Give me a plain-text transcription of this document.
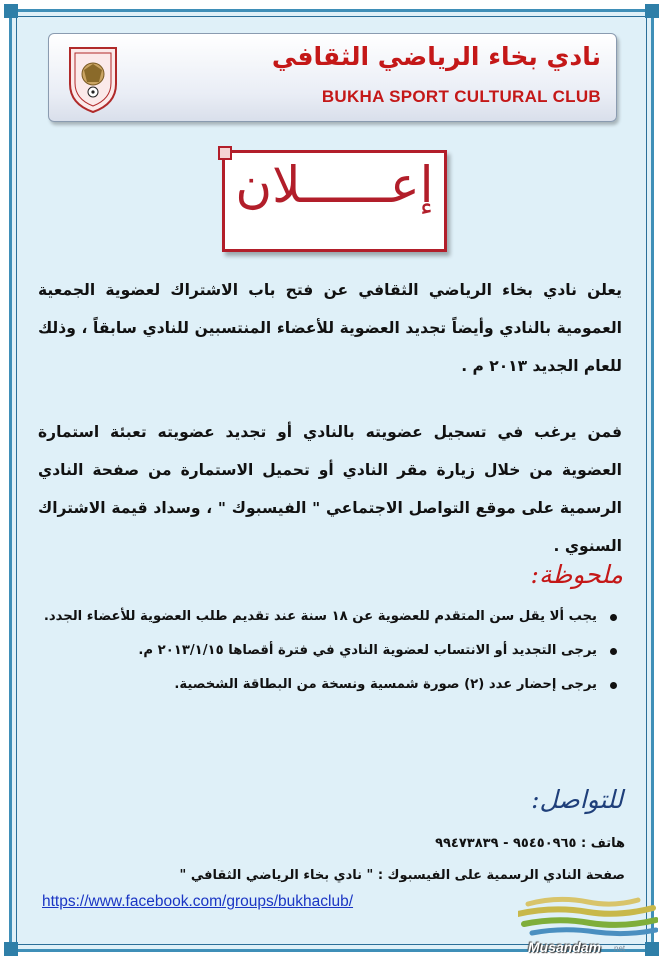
نادي بخاء الرياضي الثقافي
BUKHA SPORT CULTURAL CLUB
إعــــــلان
يعلن نادي بخاء الرياضي الثقافي عن فتح باب الاشتراك لعضوية الجمعية العمومية بالنادي وأيضاً تجديد العضوية للأعضاء المنتسبين للنادي سابقاً ، وذلك للعام الجديد ٢٠١٣ م .
فمن يرغب في تسجيل عضويته بالنادي أو تجديد عضويته تعبئة استمارة العضوية من خلال زيارة مقر النادي أو تحميل الاستمارة من صفحة النادي الرسمية على موقع التواصل الاجتماعي " الفيسبوك " ، وسداد قيمة الاشتراك السنوي .
ملحوظة:
يجب ألا يقل سن المتقدم للعضوية عن ١٨ سنة عند تقديم طلب العضوية للأعضاء الجدد.
يرجى التجديد أو الانتساب لعضوية النادي في فترة أقصاها ٢٠١٣/١/١٥ م.
يرجى إحضار عدد (٢) صورة شمسية ونسخة من البطاقة الشخصية.
للتواصل:
هاتف : ٩٥٤٥٠٩٦٥ - ٩٩٤٧٣٨٣٩
صفحة النادي الرسمية على الفيسبوك : " نادي بخاء الرياضي الثقافي "
https://www.facebook.com/groups/bukhaclub/
Musandam net
